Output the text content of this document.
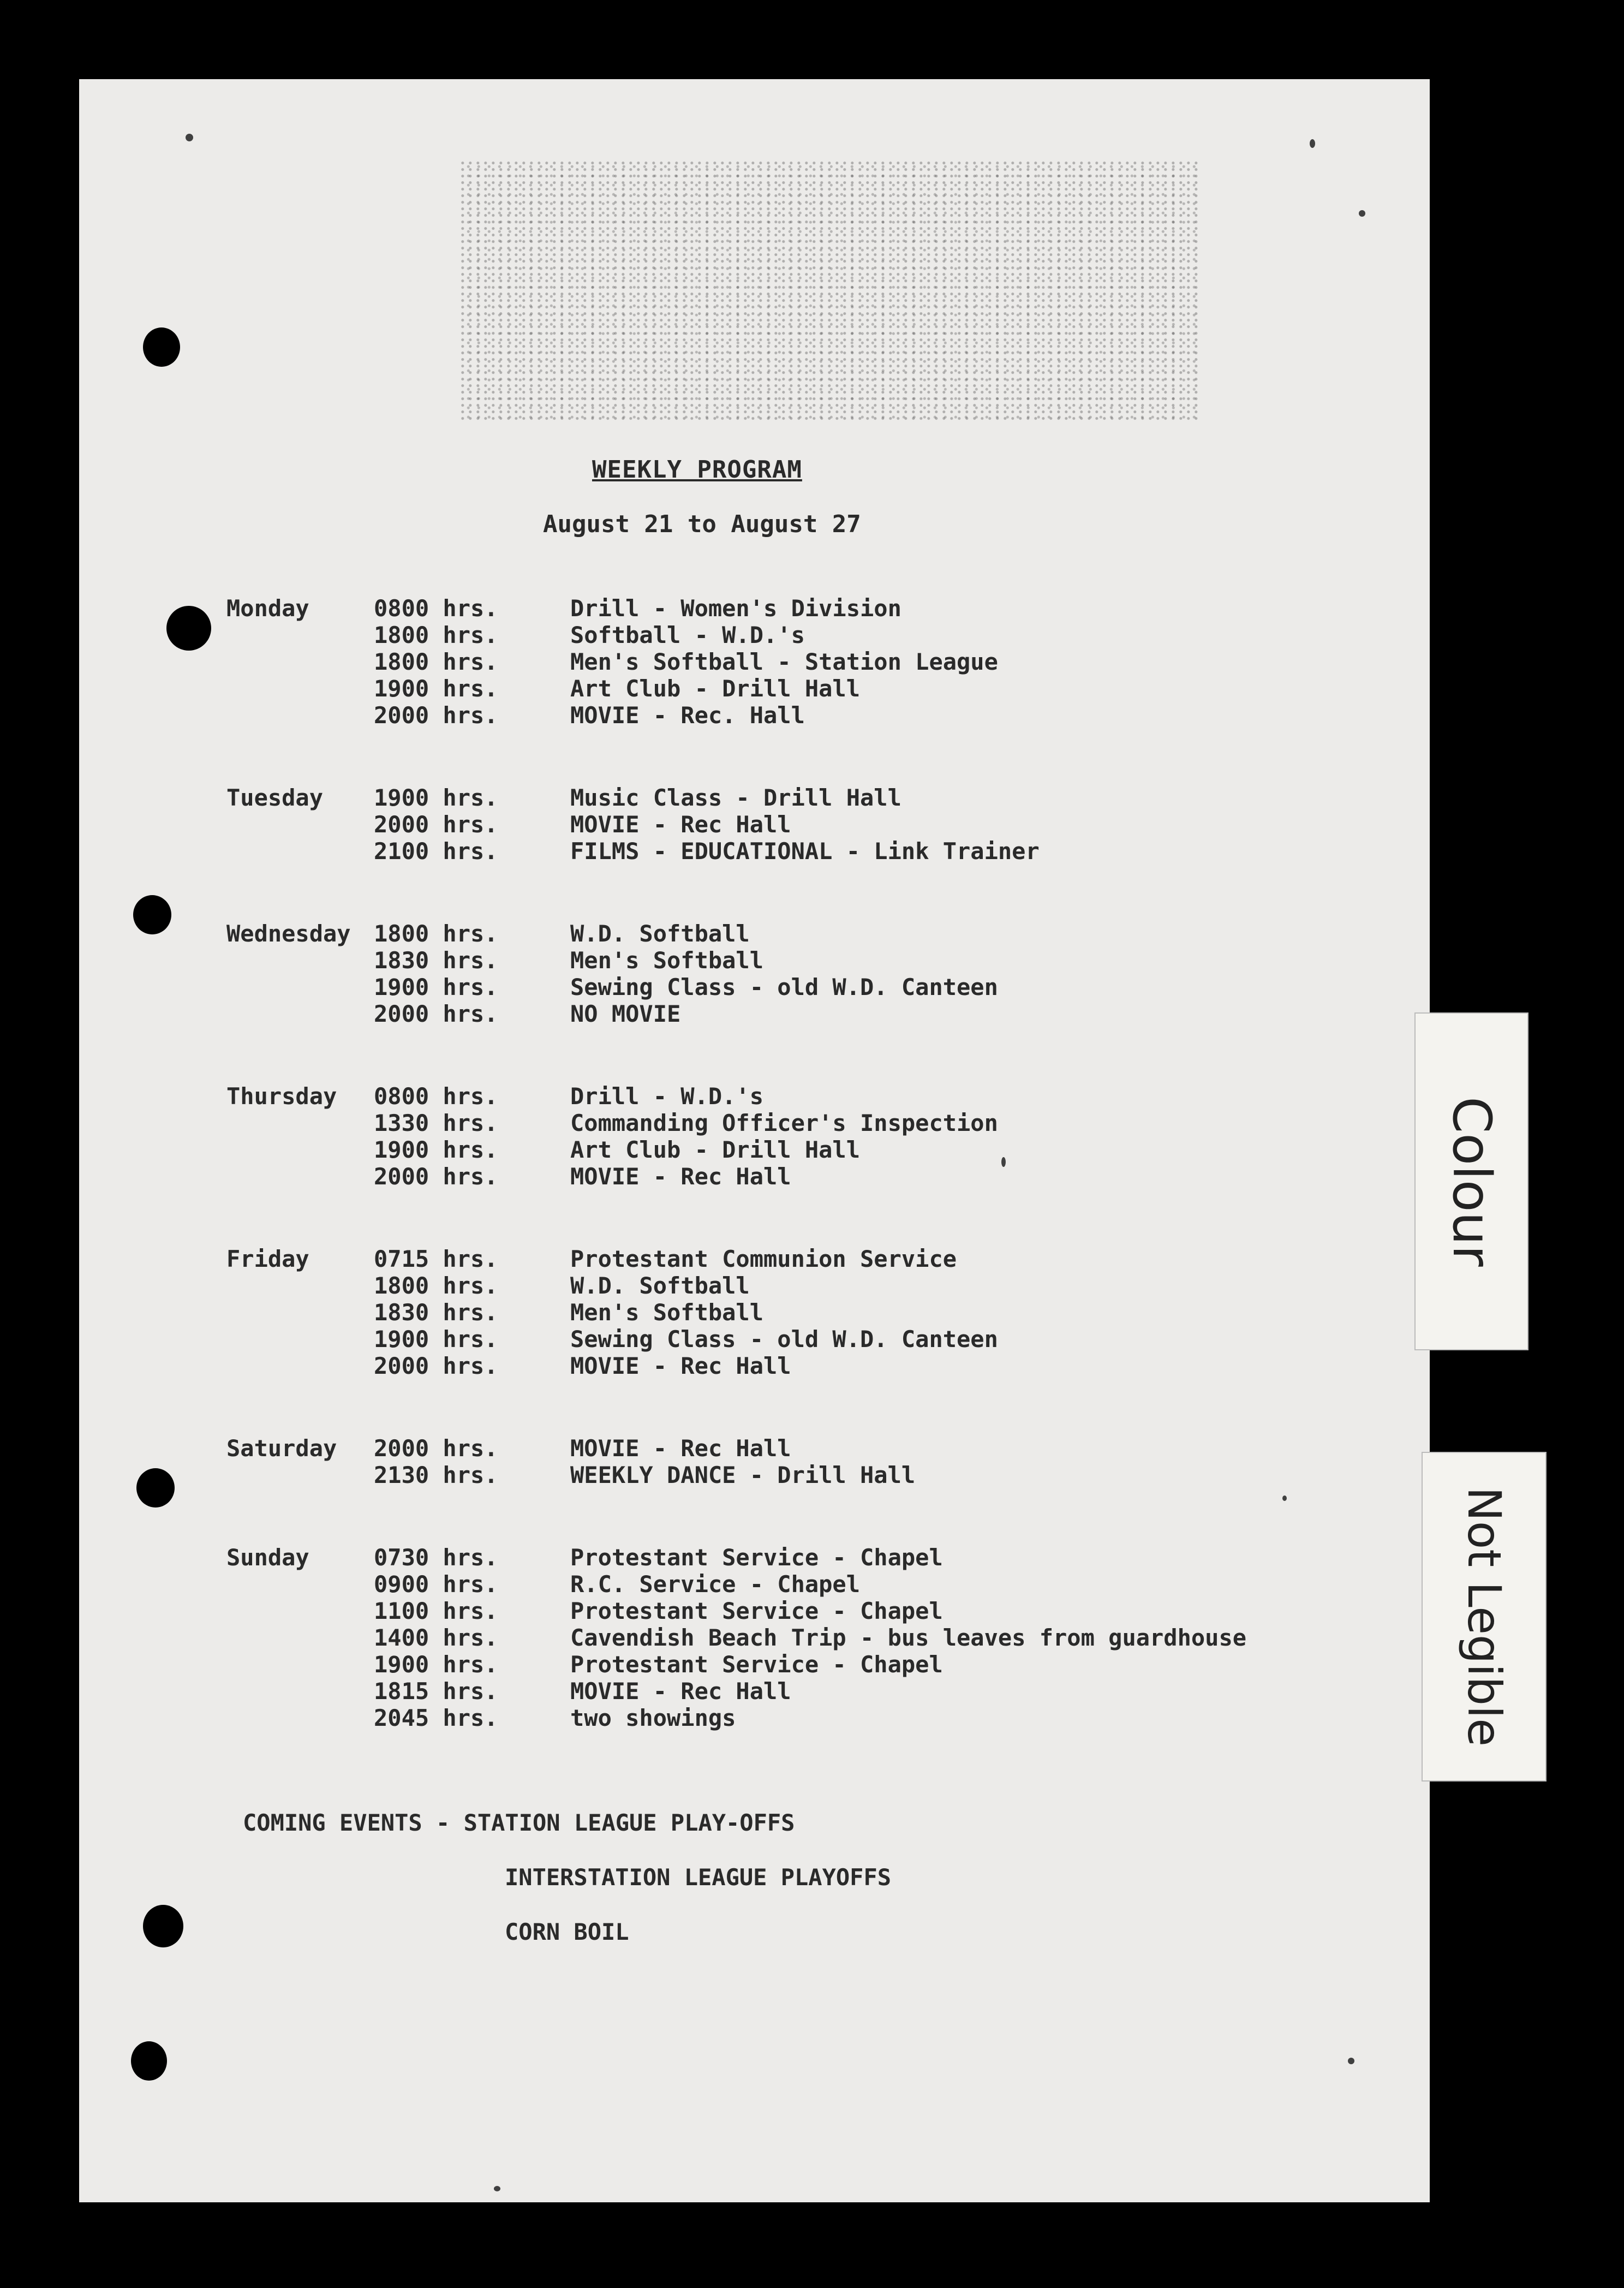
WEEKLY PROGRAM
August 21 to August 27
Monday	0800 hrs.	Drill - Women's Division
1800 hrs.	Softball - W.D.'s
1800 hrs.	Men's Softball - Station League
1900 hrs.	Art Club - Drill Hall
2000 hrs.	MOVIE - Rec. Hall
Tuesday 1900 hrs.	Music Class - Drill Hall
2000 hrs.	MOVIE - Rec Hall
2100 hrs.	FILMS - EDUCATIONAL - Link Trainer
Wednesday 1800 hrs.	W.D. Softball
1830 hrs.	Men's Softball
1900 hrs.	Sewing Class - old W.D. Canteen
2000 hrs.	NO MOVIE
Thursday 0800 hrs.	Drill - W.D.'s
1330 hrs.	Commanding Officer's Inspection
1900 hrs.	Art Club - Drill Hall
2000 hrs.	MOVIE - Rec Hall
Friday	0715 hrs.	Protestant Communion Service
1800 hrs.	W.D. Softball
1830 hrs.	Men's Softball
1900 hrs.	Sewing Class - old W.D. Canteen
2000 hrs.	MOVIE - Rec Hall
Saturday 2000 hrs.	MOVIE - Rec Hall
2130 hrs.	WEEKLY DANCE - Drill Hall
Sunday	0730 hrs.	Protestant Service - Chapel
0900 hrs.	R.C. Service - Chapel
1100 hrs.	Protestant Service - Chapel
1400 hrs.	Cavendish Beach Trip - bus leaves from guardhouse
1900 hrs.	Protestant Service - Chapel
1815 hrs.	MOVIE - Rec Hall
2045 hrs.	two showings
COMING EVENTS - STATION LEAGUE PLAY-OFFS
INTERSTATION LEAGUE PLAYOFFS
CORN BOIL
Colour
Not Legible
